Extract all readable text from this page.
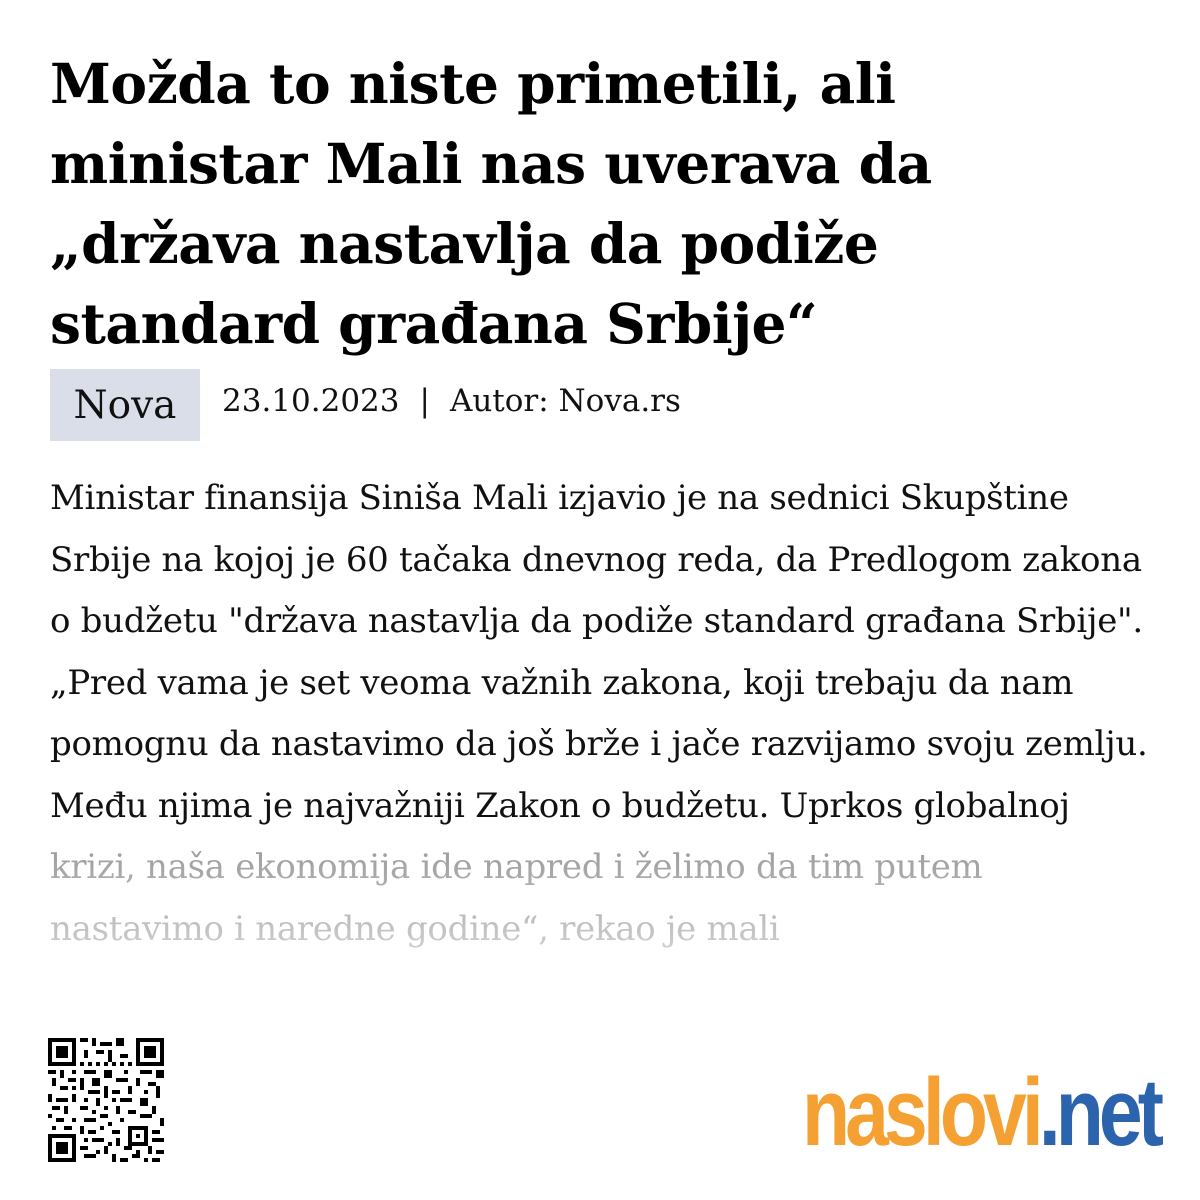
Možda to niste primetili, ali ministar Mali nas uverava da „država nastavlja da podiže standard građana Srbije“
Nova	23.10.2023 | Autor: Nova.rs

Ministar finansija Siniša Mali izjavio je na sednici Skupštine Srbije na kojoj je 60 tačaka dnevnog reda, da Predlogom zakona o budžetu "država nastavlja da podiže standard građana Srbije". „Pred vama je set veoma važnih zakona, koji trebaju da nam pomognu da nastavimo da još brže i jače razvijamo svoju zemlju. Među njima je najvažniji Zakon o budžetu. Uprkos globalnoj

naslovi.net
